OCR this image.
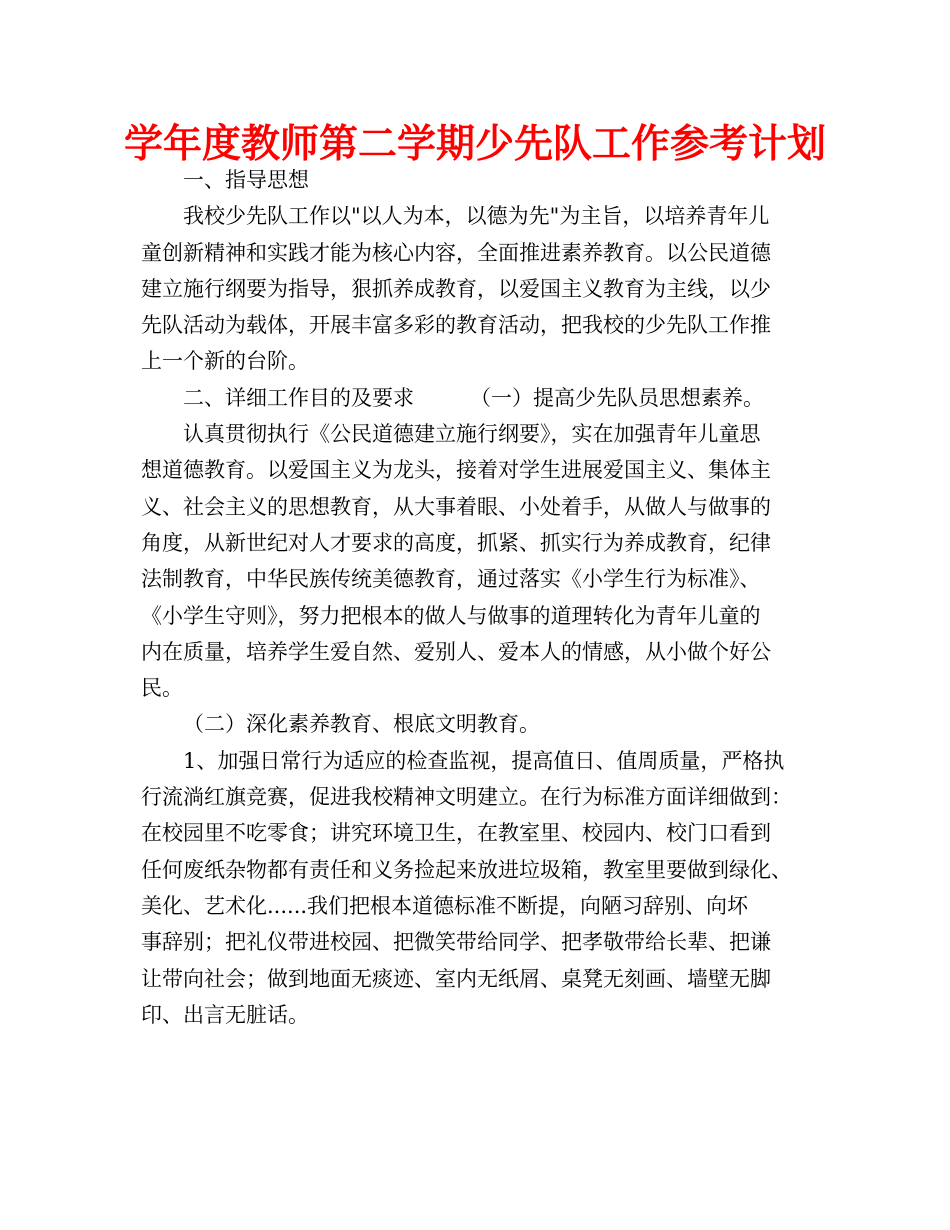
学年度教师第二学期少先队工作参考计划
一、指导思想
我校少先队工作以"以人为本，以德为先"为主旨，以培养青年儿
童创新精神和实践才能为核心内容，全面推进素养教育。以公民道德
建立施行纲要为指导，狠抓养成教育，以爱国主义教育为主线，以少
先队活动为载体，开展丰富多彩的教育活动，把我校的少先队工作推
上一个新的台阶。
二、详细工作目的及要求	（一）提高少先队员思想素养。
认真贯彻执行《公民道德建立施行纲要》，实在加强青年儿童思
想道德教育。以爱国主义为龙头，接着对学生进展爱国主义、集体主
义、社会主义的思想教育，从大事着眼、小处着手，从做人与做事的
角度，从新世纪对人才要求的高度，抓紧、抓实行为养成教育，纪律
法制教育，中华民族传统美德教育，通过落实《小学生行为标准》、
《小学生守则》，努力把根本的做人与做事的道理转化为青年儿童的
内在质量，培养学生爱自然、爱别人、爱本人的情感，从小做个好公
民。
（二）深化素养教育、根底文明教育。
1、加强日常行为适应的检查监视，提高值日、值周质量，严格执
行流淌红旗竞赛，促进我校精神文明建立。在行为标准方面详细做到：
在校园里不吃零食；讲究环境卫生，在教室里、校园内、校门口看到
任何废纸杂物都有责任和义务捡起来放进垃圾箱，教室里要做到绿化、
美化、艺术化......我们把根本道德标准不断提，向陋习辞别、向坏
事辞别；把礼仪带进校园、把微笑带给同学、把孝敬带给长辈、把谦
让带向社会；做到地面无痰迹、室内无纸屑、桌凳无刻画、墙壁无脚
印、出言无脏话。
